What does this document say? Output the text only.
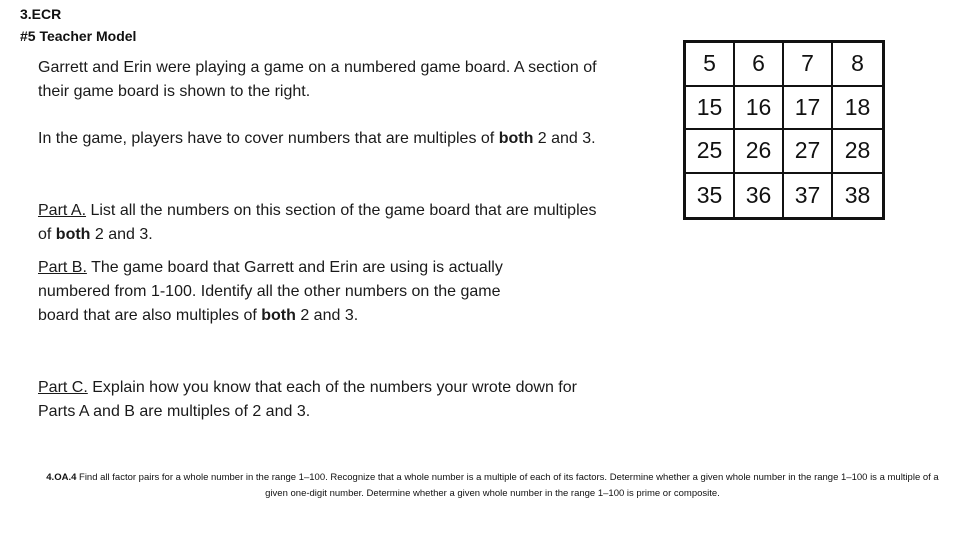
3.ECR
#5 Teacher Model
Garrett and Erin were playing a game on a numbered game board. A section of their game board is shown to the right.
In the game, players have to cover numbers that are multiples of both 2 and 3.
Part A. List all the numbers on this section of the game board that are multiples of both 2 and 3.
Part B. The game board that Garrett and Erin are using is actually numbered from 1-100. Identify all the other numbers on the game board that are also multiples of both 2 and 3.
Part C. Explain how you know that each of the numbers your wrote down for Parts A and B are multiples of 2 and 3.
5	6	7	8
15	16	17	18
25	26	27	28
35	36	37	38
4.OA.4 Find all factor pairs for a whole number in the range 1–100. Recognize that a whole number is a multiple of each of its factors. Determine whether a given whole number in the range 1–100 is a multiple of a given one-digit number. Determine whether a given whole number in the range 1–100 is prime or composite.
